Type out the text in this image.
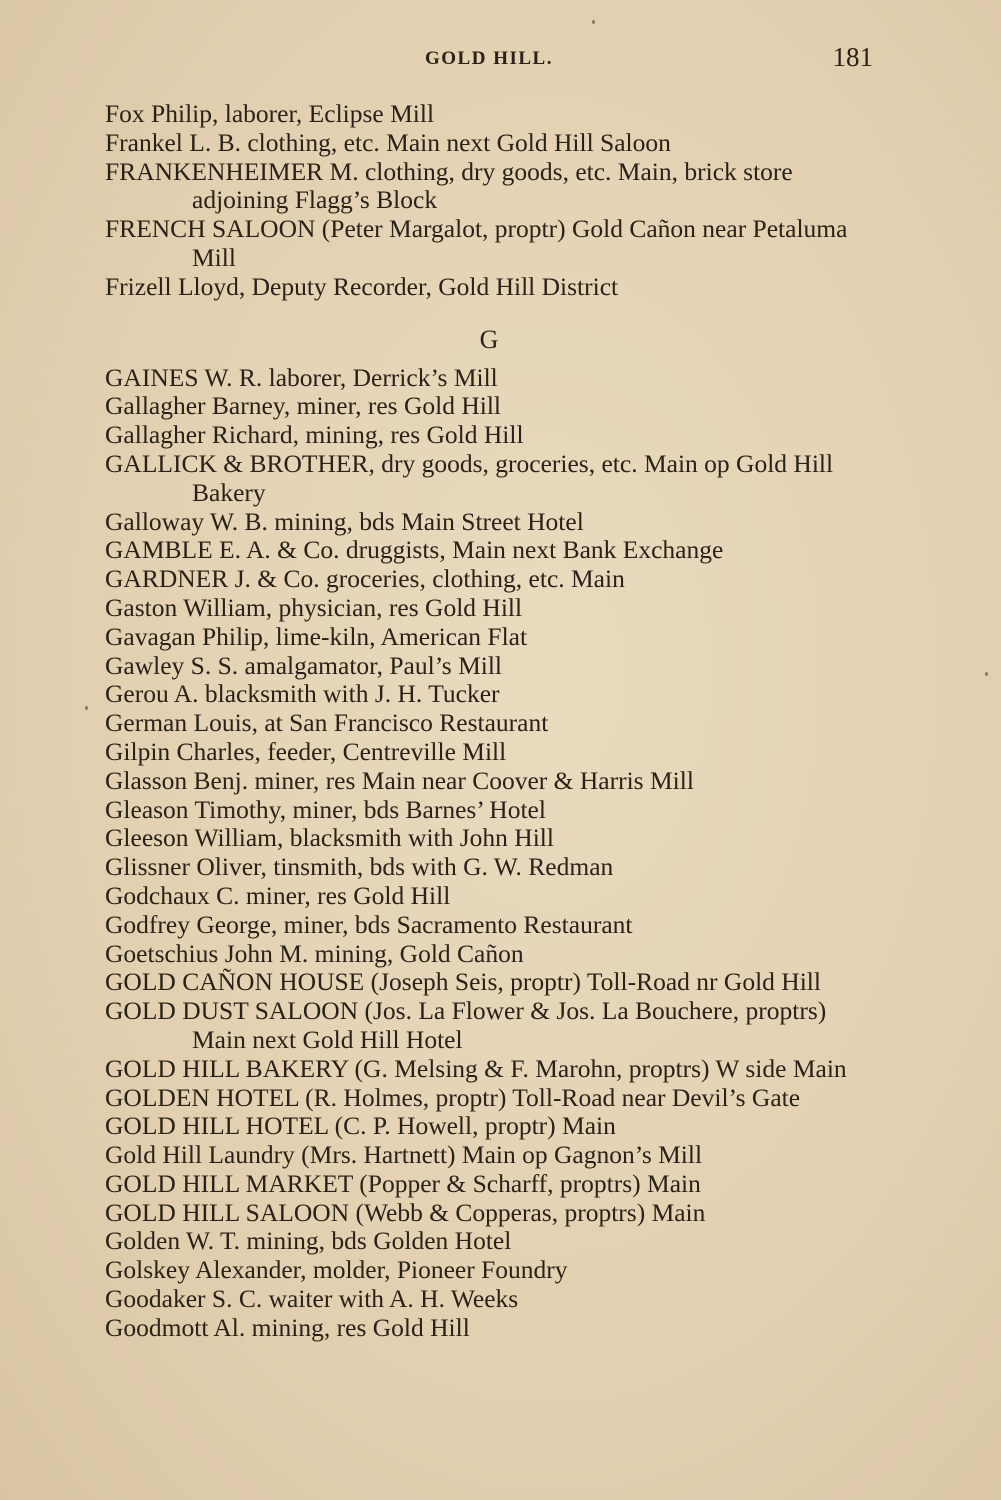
GOLD HILL.	181
Fox Philip, laborer, Eclipse Mill
Frankel L. B. clothing, etc. Main next Gold Hill Saloon
FRANKENHEIMER M. clothing, dry goods, etc. Main, brick store adjoining Flagg’s Block
FRENCH SALOON (Peter Margalot, proptr) Gold Cañon near Petaluma Mill
Frizell Lloyd, Deputy Recorder, Gold Hill District
G
GAINES W. R. laborer, Derrick’s Mill
Gallagher Barney, miner, res Gold Hill
Gallagher Richard, mining, res Gold Hill
GALLICK & BROTHER, dry goods, groceries, etc. Main op Gold Hill Bakery
Galloway W. B. mining, bds Main Street Hotel
GAMBLE E. A. & Co. druggists, Main next Bank Exchange
GARDNER J. & Co. groceries, clothing, etc. Main
Gaston William, physician, res Gold Hill
Gavagan Philip, lime-kiln, American Flat
Gawley S. S. amalgamator, Paul’s Mill
Gerou A. blacksmith with J. H. Tucker
German Louis, at San Francisco Restaurant
Gilpin Charles, feeder, Centreville Mill
Glasson Benj. miner, res Main near Coover & Harris Mill
Gleason Timothy, miner, bds Barnes’ Hotel
Gleeson William, blacksmith with John Hill
Glissner Oliver, tinsmith, bds with G. W. Redman
Godchaux C. miner, res Gold Hill
Godfrey George, miner, bds Sacramento Restaurant
Goetschius John M. mining, Gold Cañon
GOLD CAÑON HOUSE (Joseph Seis, proptr) Toll-Road nr Gold Hill
GOLD DUST SALOON (Jos. La Flower & Jos. La Bouchere, proptrs) Main next Gold Hill Hotel
GOLD HILL BAKERY (G. Melsing & F. Marohn, proptrs) W side Main
GOLDEN HOTEL (R. Holmes, proptr) Toll-Road near Devil’s Gate
GOLD HILL HOTEL (C. P. Howell, proptr) Main
Gold Hill Laundry (Mrs. Hartnett) Main op Gagnon’s Mill
GOLD HILL MARKET (Popper & Scharff, proptrs) Main
GOLD HILL SALOON (Webb & Copperas, proptrs) Main
Golden W. T. mining, bds Golden Hotel
Golskey Alexander, molder, Pioneer Foundry
Goodaker S. C. waiter with A. H. Weeks
Goodmott Al. mining, res Gold Hill
